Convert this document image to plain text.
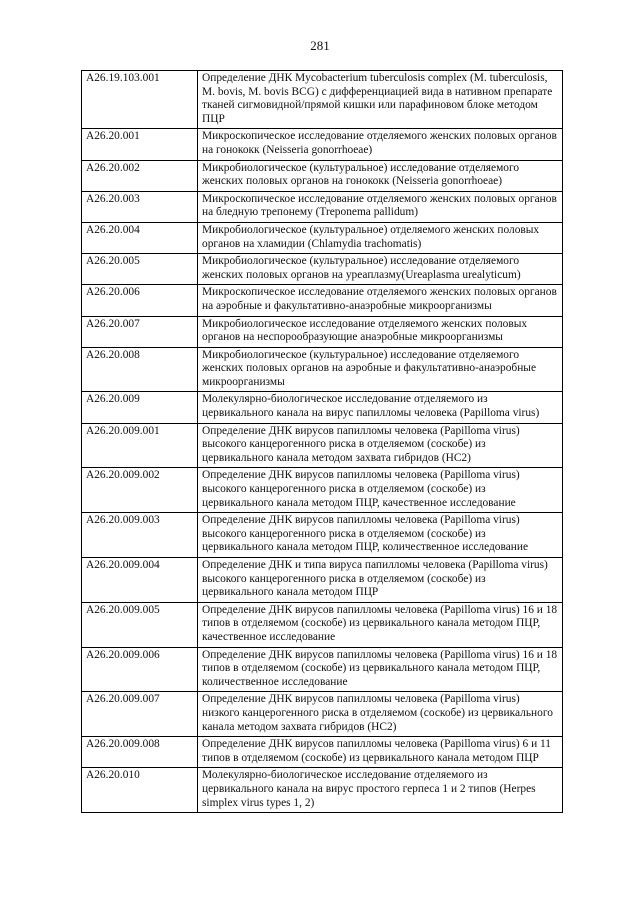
281
A26.19.103.001	Определение ДНК Mycobacterium tuberculosis complex (M. tuberculosis, M. bovis, M. bovis BCG) с дифференциацией вида в нативном препарате тканей сигмовидной/прямой кишки или парафиновом блоке методом ПЦР
A26.20.001	Микроскопическое исследование отделяемого женских половых органов на гонококк (Neisseria gonorrhoeae)
A26.20.002	Микробиологическое (культуральное) исследование отделяемого женских половых органов на гонококк (Neisseria gonorrhoeae)
A26.20.003	Микроскопическое исследование отделяемого женских половых органов на бледную трепонему (Treponema pallidum)
A26.20.004	Микробиологическое (культуральное) отделяемого женских половых органов на хламидии (Chlamydia trachomatis)
A26.20.005	Микробиологическое (культуральное) исследование отделяемого женских половых органов на уреаплазму(Ureaplasma urealyticum)
A26.20.006	Микроскопическое исследование отделяемого женских половых органов на аэробные и факультативно-анаэробные микроорганизмы
A26.20.007	Микробиологическое исследование отделяемого женских половых органов на неспорообразующие анаэробные микроорганизмы
A26.20.008	Микробиологическое (культуральное) исследование отделяемого женских половых органов на аэробные и факультативно-анаэробные микроорганизмы
A26.20.009	Молекулярно-биологическое исследование отделяемого из цервикального канала на вирус папилломы человека (Papilloma virus)
A26.20.009.001	Определение ДНК вирусов папилломы человека (Papilloma virus) высокого канцерогенного риска в отделяемом (соскобе) из цервикального канала методом захвата гибридов (HC2)
A26.20.009.002	Определение ДНК вирусов папилломы человека (Papilloma virus) высокого канцерогенного риска в отделяемом (соскобе) из цервикального канала методом ПЦР, качественное исследование
A26.20.009.003	Определение ДНК вирусов папилломы человека (Papilloma virus) высокого канцерогенного риска в отделяемом (соскобе) из цервикального канала методом ПЦР, количественное исследование
A26.20.009.004	Определение ДНК и типа вируса папилломы человека (Papilloma virus) высокого канцерогенного риска в отделяемом (соскобе) из цервикального канала методом ПЦР
A26.20.009.005	Определение ДНК вирусов папилломы человека (Papilloma virus) 16 и 18 типов в отделяемом (соскобе) из цервикального канала методом ПЦР, качественное исследование
A26.20.009.006	Определение ДНК вирусов папилломы человека (Papilloma virus) 16 и 18 типов в отделяемом (соскобе) из цервикального канала методом ПЦР, количественное исследование
A26.20.009.007	Определение ДНК вирусов папилломы человека (Papilloma virus) низкого канцерогенного риска в отделяемом (соскобе) из цервикального канала методом захвата гибридов (HC2)
A26.20.009.008	Определение ДНК вирусов папилломы человека (Papilloma virus) 6 и 11 типов в отделяемом (соскобе) из цервикального канала методом ПЦР
A26.20.010	Молекулярно-биологическое исследование отделяемого из цервикального канала на вирус простого герпеса 1 и 2 типов (Herpes simplex virus types 1, 2)
